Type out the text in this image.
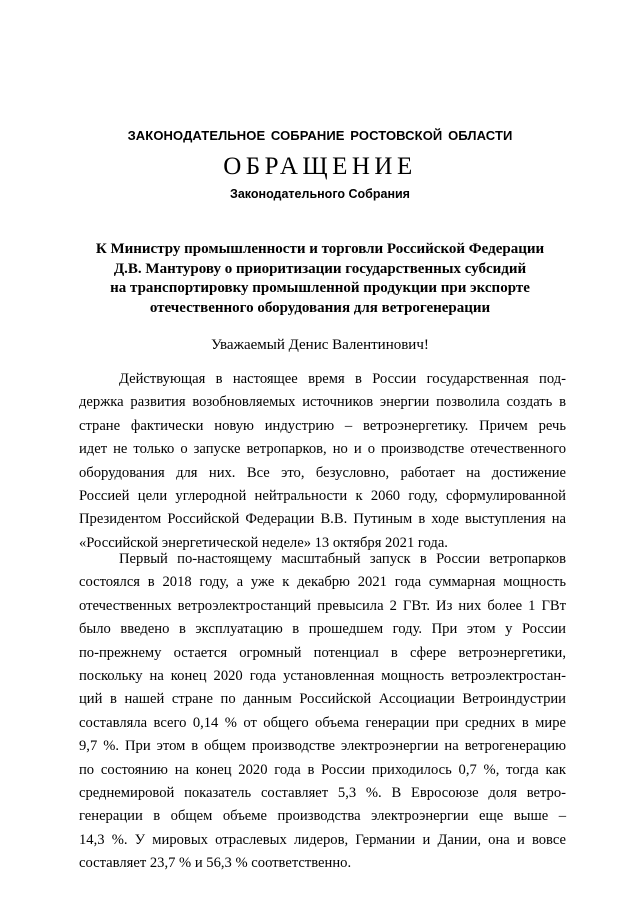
ЗАКОНОДАТЕЛЬНОЕ СОБРАНИЕ РОСТОВСКОЙ ОБЛАСТИ
ОБРАЩЕНИЕ
Законодательного Собрания
К Министру промышленности и торговли Российской Федерации
Д.В. Мантурову о приоритизации государственных субсидий
на транспортировку промышленной продукции при экспорте
отечественного оборудования для ветрогенерации
Уважаемый Денис Валентинович!
Действующая в настоящее время в России государственная под-
держка развития возобновляемых источников энергии позволила создать в
стране фактически новую индустрию – ветроэнергетику. Причем речь
идет не только о запуске ветропарков, но и о производстве отечественного
оборудования для них. Все это, безусловно, работает на достижение
Россией цели углеродной нейтральности к 2060 году, сформулированной
Президентом Российской Федерации В.В. Путиным в ходе выступления на
«Российской энергетической неделе» 13 октября 2021 года.
Первый по-настоящему масштабный запуск в России ветропарков
состоялся в 2018 году, а уже к декабрю 2021 года суммарная мощность
отечественных ветроэлектростанций превысила 2 ГВт. Из них более 1 ГВт
было введено в эксплуатацию в прошедшем году. При этом у России
по-прежнему остается огромный потенциал в сфере ветроэнергетики,
поскольку на конец 2020 года установленная мощность ветроэлектростан-
ций в нашей стране по данным Российской Ассоциации Ветроиндустрии
составляла всего 0,14 % от общего объема генерации при средних в мире
9,7 %. При этом в общем производстве электроэнергии на ветрогенерацию
по состоянию на конец 2020 года в России приходилось 0,7 %, тогда как
среднемировой показатель составляет 5,3 %. В Евросоюзе доля ветро-
генерации в общем объеме производства электроэнергии еще выше –
14,3 %. У мировых отраслевых лидеров, Германии и Дании, она и вовсе
составляет 23,7 % и 56,3 % соответственно.
